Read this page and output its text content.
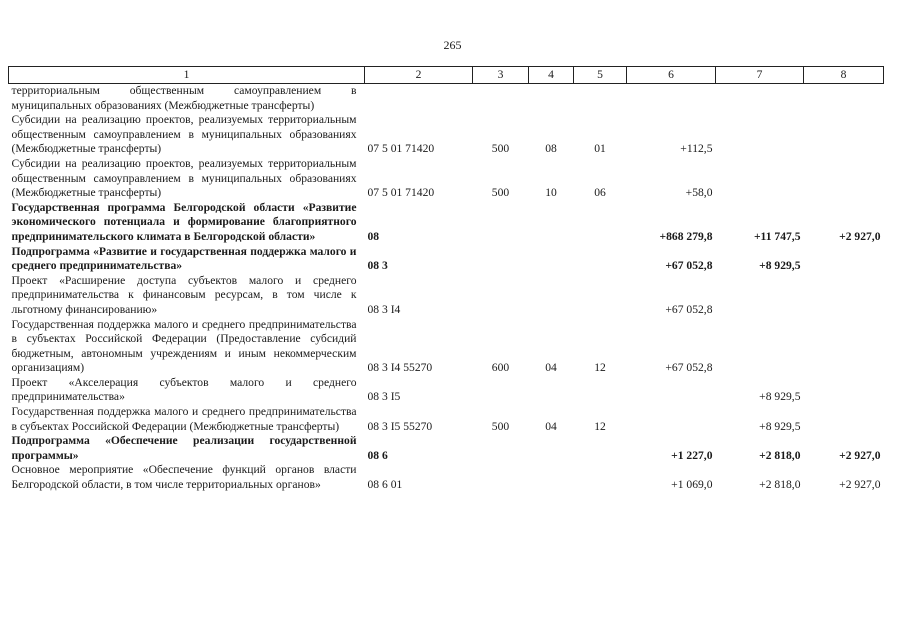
265
1	2	3	4	5	6	7	8
территориальным общественным самоуправлением в муниципальных образованиях (Межбюджетные трансферты)							
Субсидии на реализацию проектов, реализуемых территориальным общественным самоуправлением в муниципальных образованиях (Межбюджетные трансферты)	07 5 01 71420	500	08	01	+112,5		
Субсидии на реализацию проектов, реализуемых территориальным общественным самоуправлением в муниципальных образованиях (Межбюджетные трансферты)	07 5 01 71420	500	10	06	+58,0		
Государственная программа Белгородской области «Развитие экономического потенциала и формирование благоприятного предпринимательского климата в Белгородской области»	08				+868 279,8	+11 747,5	+2 927,0
Подпрограмма «Развитие и государственная поддержка малого и среднего предпринимательства»	08 3				+67 052,8	+8 929,5	
Проект «Расширение доступа субъектов малого и среднего предпринимательства к финансовым ресурсам, в том числе к льготному финансированию»	08 3 I4				+67 052,8		
Государственная поддержка малого и среднего предпринимательства в субъектах Российской Федерации (Предоставление субсидий бюджетным, автономным учреждениям и иным некоммерческим организациям)	08 3 I4 55270	600	04	12	+67 052,8		
Проект «Акселерация субъектов малого и среднего предпринимательства»	08 3 I5					+8 929,5	
Государственная поддержка малого и среднего предпринимательства в субъектах Российской Федерации (Межбюджетные трансферты)	08 3 I5 55270	500	04	12		+8 929,5	
Подпрограмма «Обеспечение реализации государственной программы»	08 6				+1 227,0	+2 818,0	+2 927,0
Основное мероприятие «Обеспечение функций органов власти Белгородской области, в том числе территориальных органов»	08 6 01				+1 069,0	+2 818,0	+2 927,0
